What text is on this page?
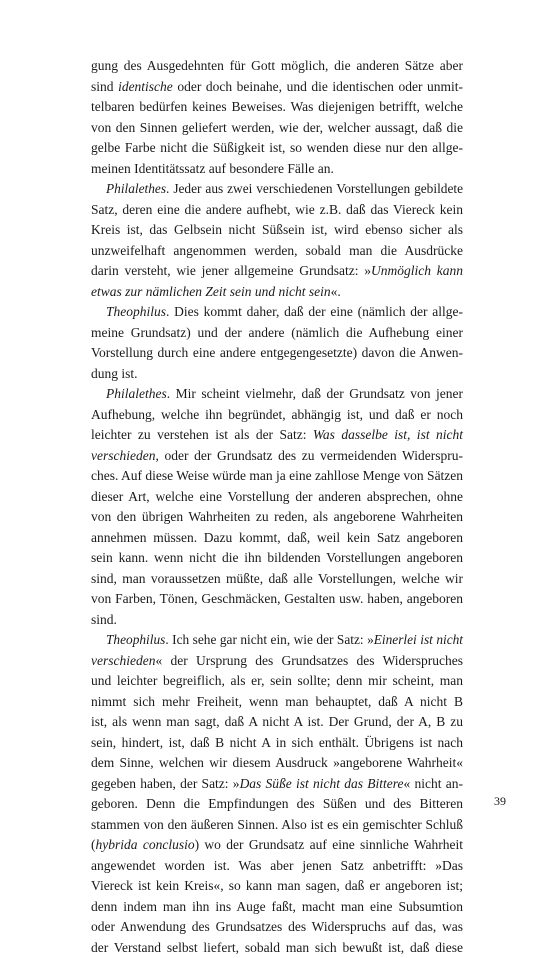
gung des Ausgedehnten für Gott möglich, die anderen Sätze aber
sind identische oder doch beinahe, und die identischen oder unmit-
telbaren bedürfen keines Beweises. Was diejenigen betrifft, welche
von den Sinnen geliefert werden, wie der, welcher aussagt, daß die
gelbe Farbe nicht die Süßigkeit ist, so wenden diese nur den allge-
meinen Identitätssatz auf besondere Fälle an.
Philalethes. Jeder aus zwei verschiedenen Vorstellungen gebildete
Satz, deren eine die andere aufhebt, wie z.B. daß das Viereck kein
Kreis ist, das Gelbsein nicht Süßsein ist, wird ebenso sicher als
unzweifelhaft angenommen werden, sobald man die Ausdrücke
darin versteht, wie jener allgemeine Grundsatz: »Unmöglich kann
etwas zur nämlichen Zeit sein und nicht sein«.
Theophilus. Dies kommt daher, daß der eine (nämlich der allge-
meine Grundsatz) und der andere (nämlich die Aufhebung einer
Vorstellung durch eine andere entgegengesetzte) davon die Anwen-
dung ist.
Philalethes. Mir scheint vielmehr, daß der Grundsatz von jener
Aufhebung, welche ihn begründet, abhängig ist, und daß er noch
leichter zu verstehen ist als der Satz: Was dasselbe ist, ist nicht
verschieden, oder der Grundsatz des zu vermeidenden Widerspru-
ches. Auf diese Weise würde man ja eine zahllose Menge von Sätzen
dieser Art, welche eine Vorstellung der anderen absprechen, ohne
von den übrigen Wahrheiten zu reden, als angeborene Wahrheiten
annehmen müssen. Dazu kommt, daß, weil kein Satz angeboren
sein kann. wenn nicht die ihn bildenden Vorstellungen angeboren
sind, man voraussetzen müßte, daß alle Vorstellungen, welche wir
von Farben, Tönen, Geschmäcken, Gestalten usw. haben, angeboren
sind.
Theophilus. Ich sehe gar nicht ein, wie der Satz: »Einerlei ist nicht
verschieden« der Ursprung des Grundsatzes des Widerspruches
und leichter begreiflich, als er, sein sollte; denn mir scheint, man
nimmt sich mehr Freiheit, wenn man behauptet, daß A nicht B
ist, als wenn man sagt, daß A nicht A ist. Der Grund, der A, B zu
sein, hindert, ist, daß B nicht A in sich enthält. Übrigens ist nach
dem Sinne, welchen wir diesem Ausdruck »angeborene Wahrheit«
gegeben haben, der Satz: »Das Süße ist nicht das Bittere« nicht an-
geboren. Denn die Empfindungen des Süßen und des Bitteren
stammen von den äußeren Sinnen. Also ist es ein gemischter Schluß
(hybrida conclusio) wo der Grundsatz auf eine sinnliche Wahrheit
angewendet worden ist. Was aber jenen Satz anbetrifft: »Das
Viereck ist kein Kreis«, so kann man sagen, daß er angeboren ist;
denn indem man ihn ins Auge faßt, macht man eine Subsumtion
oder Anwendung des Grundsatzes des Widerspruchs auf das, was
der Verstand selbst liefert, sobald man sich bewußt ist, daß diese
39
